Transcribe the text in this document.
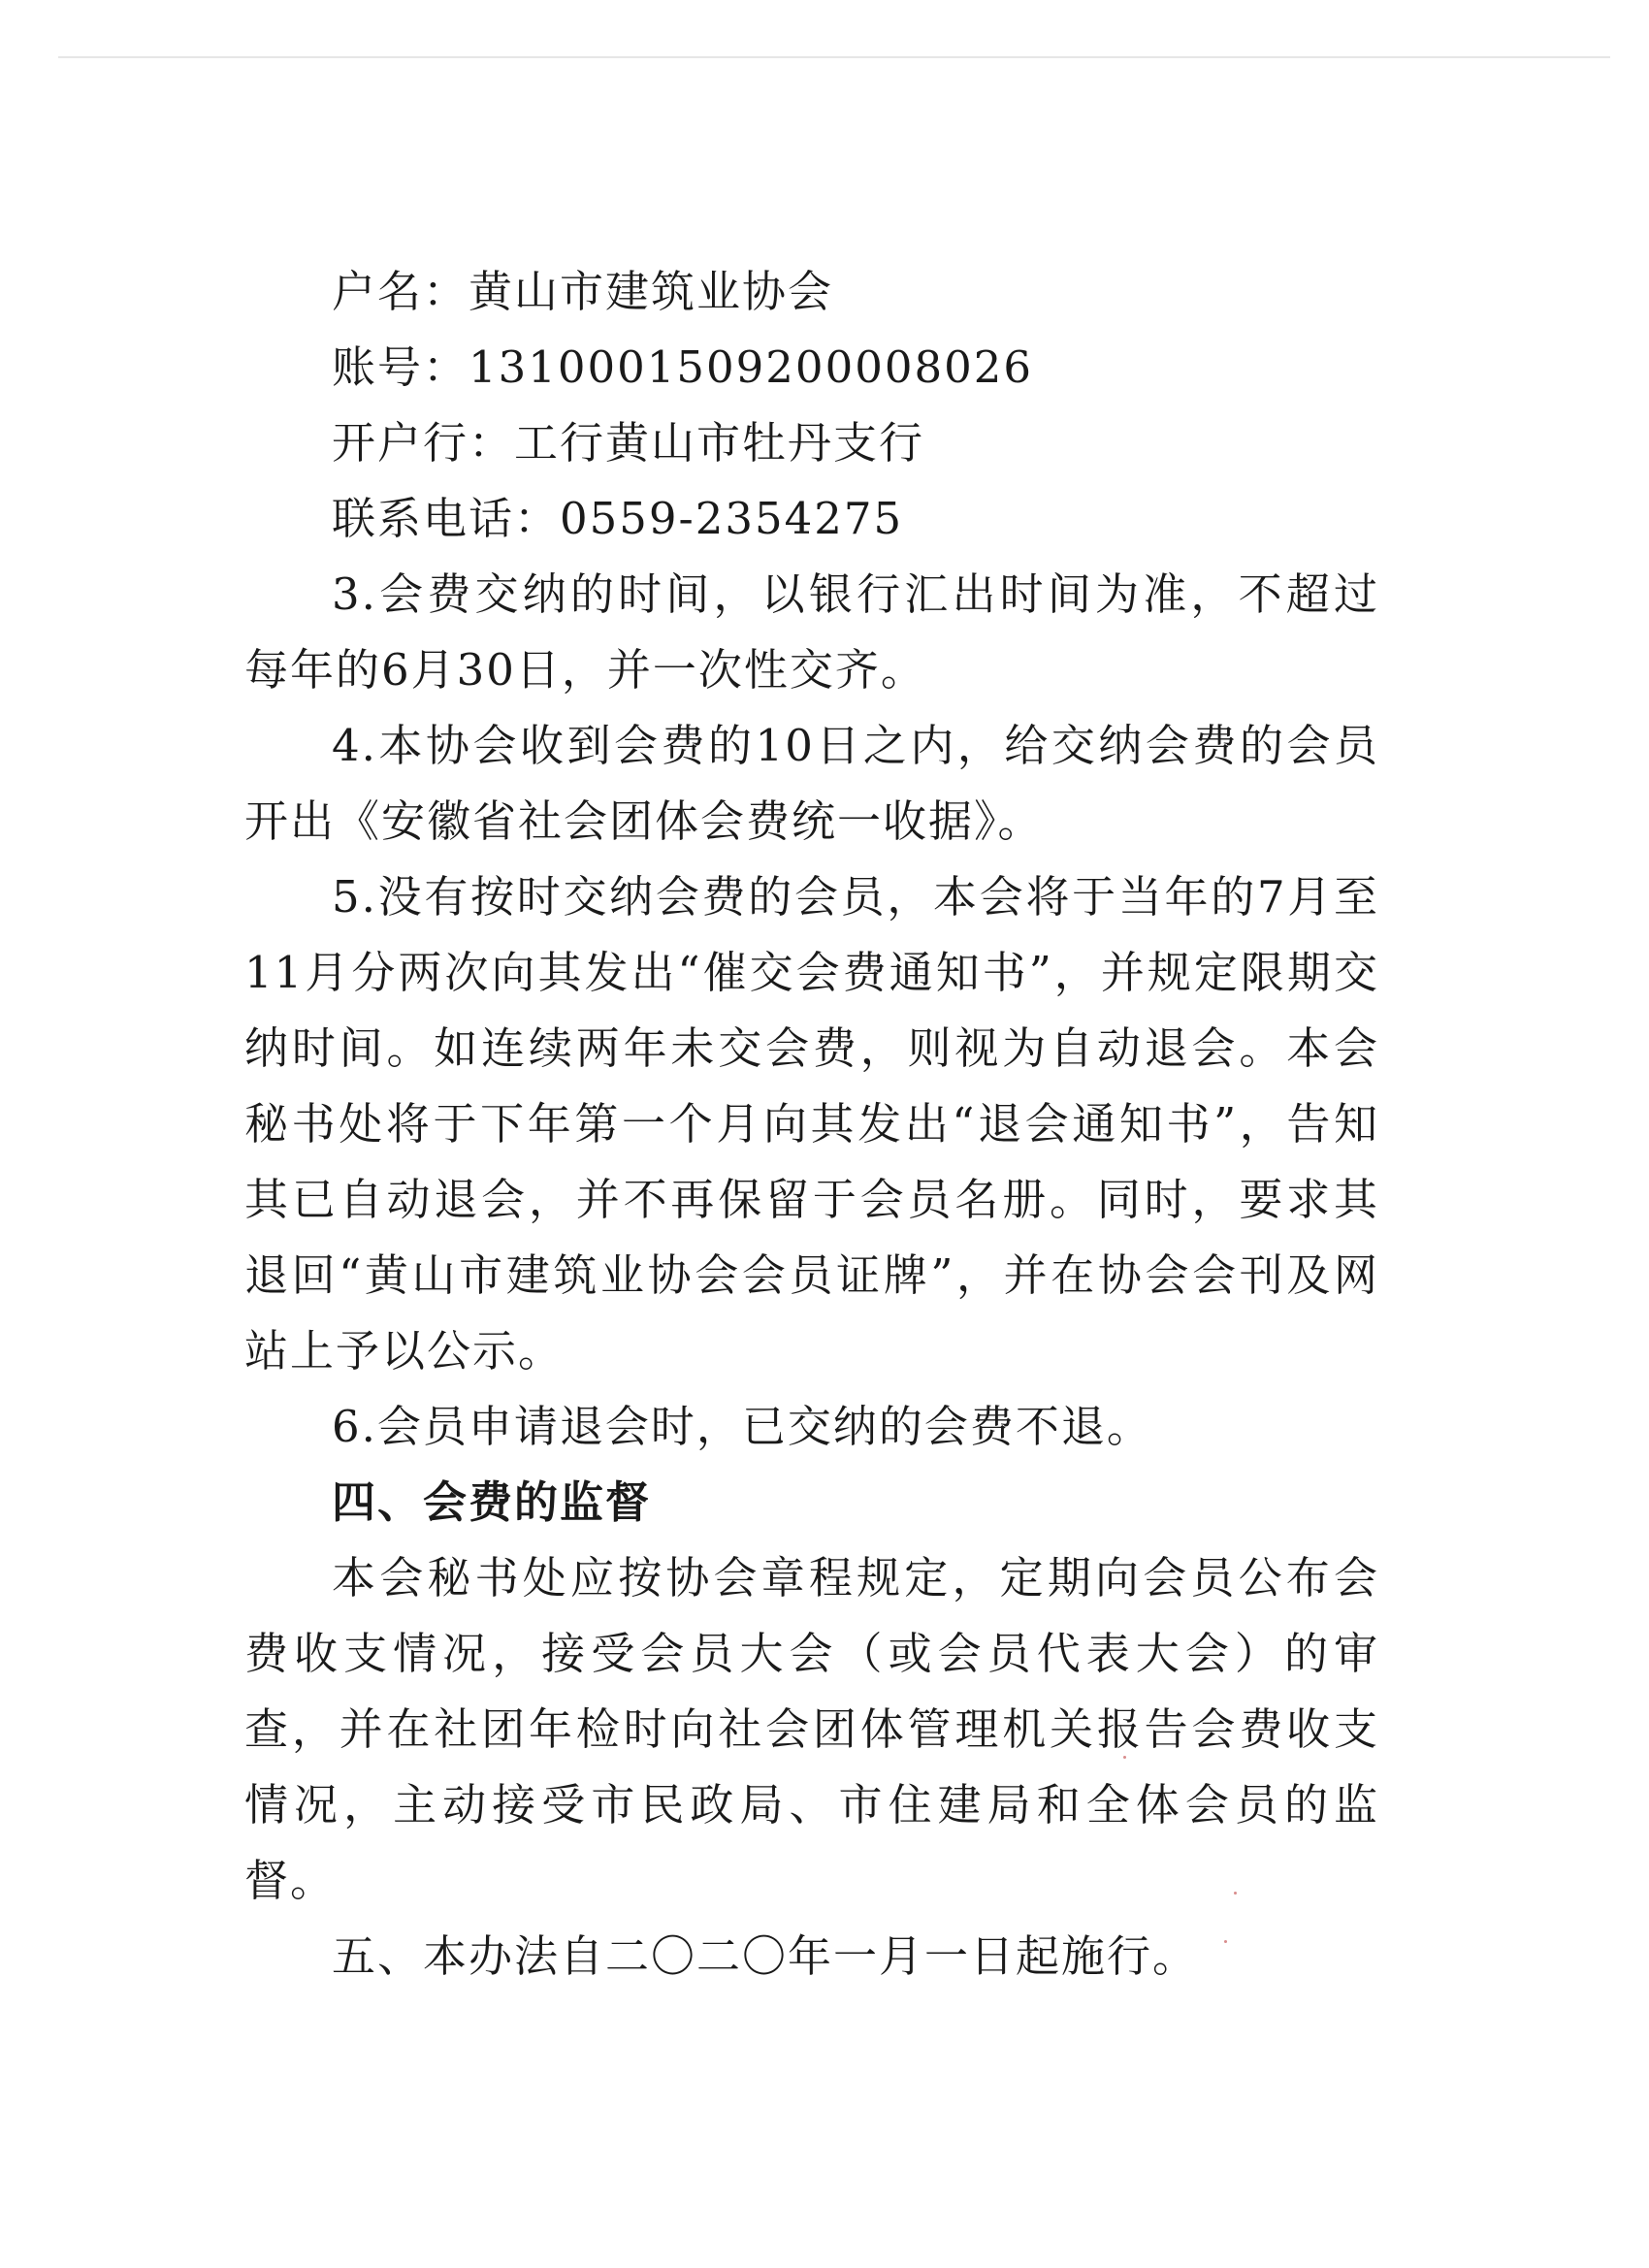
户名：黄山市建筑业协会

账号：1310001509200008026

开户行：工行黄山市牡丹支行

联系电话：0559-2354275

3.会费交纳的时间，以银行汇出时间为准，不超过每年的6月30日，并一次性交齐。

4.本协会收到会费的10日之内，给交纳会费的会员开出《安徽省社会团体会费统一收据》。

5.没有按时交纳会费的会员，本会将于当年的7月至11月分两次向其发出“催交会费通知书”，并规定限期交纳时间。如连续两年未交会费，则视为自动退会。本会秘书处将于下年第一个月向其发出“退会通知书”，告知其已自动退会，并不再保留于会员名册。同时，要求其退回“黄山市建筑业协会会员证牌”，并在协会会刊及网站上予以公示。

6.会员申请退会时，已交纳的会费不退。

四、会费的监督

本会秘书处应按协会章程规定，定期向会员公布会费收支情况，接受会员大会（或会员代表大会）的审查，并在社团年检时向社会团体管理机关报告会费收支情况，主动接受市民政局、市住建局和全体会员的监督。

五、本办法自二〇二〇年一月一日起施行。
